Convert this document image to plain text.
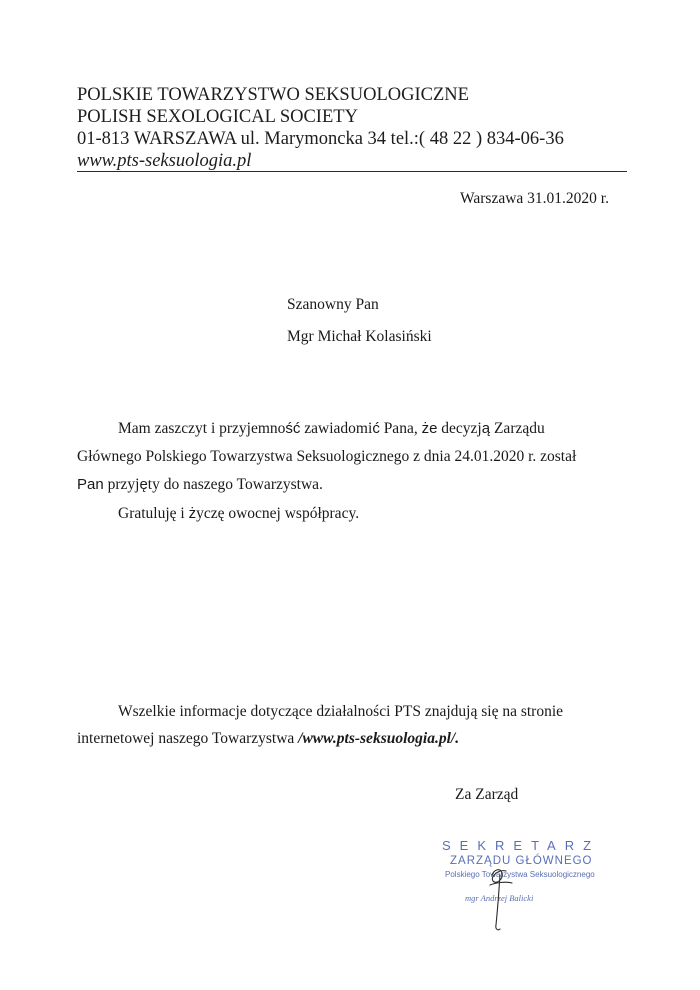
POLSKIE TOWARZYSTWO SEKSUOLOGICZNE
POLISH SEXOLOGICAL SOCIETY
01-813 WARSZAWA ul. Marymoncka 34 tel.:( 48 22 ) 834-06-36
www.pts-seksuologia.pl
Warszawa 31.01.2020 r.
Szanowny Pan
Mgr Michał Kolasiński
Mam zaszczyt i przyjemność zawiadomić Pana, że decyzją Zarządu
Głównego Polskiego Towarzystwa Seksuologicznego z dnia 24.01.2020 r. został
Pan przyjęty do naszego Towarzystwa.
Gratuluję i życzę owocnej współpracy.
Wszelkie informacje dotyczące działalności PTS znajdują się na stronie
internetowej naszego Towarzystwa /www.pts-seksuologia.pl/.
Za Zarząd
SEKRETARZ
ZARZĄDU GŁÓWNEGO
Polskiego Towarzystwa Seksuologicznego
mgr Andrzej Balicki
